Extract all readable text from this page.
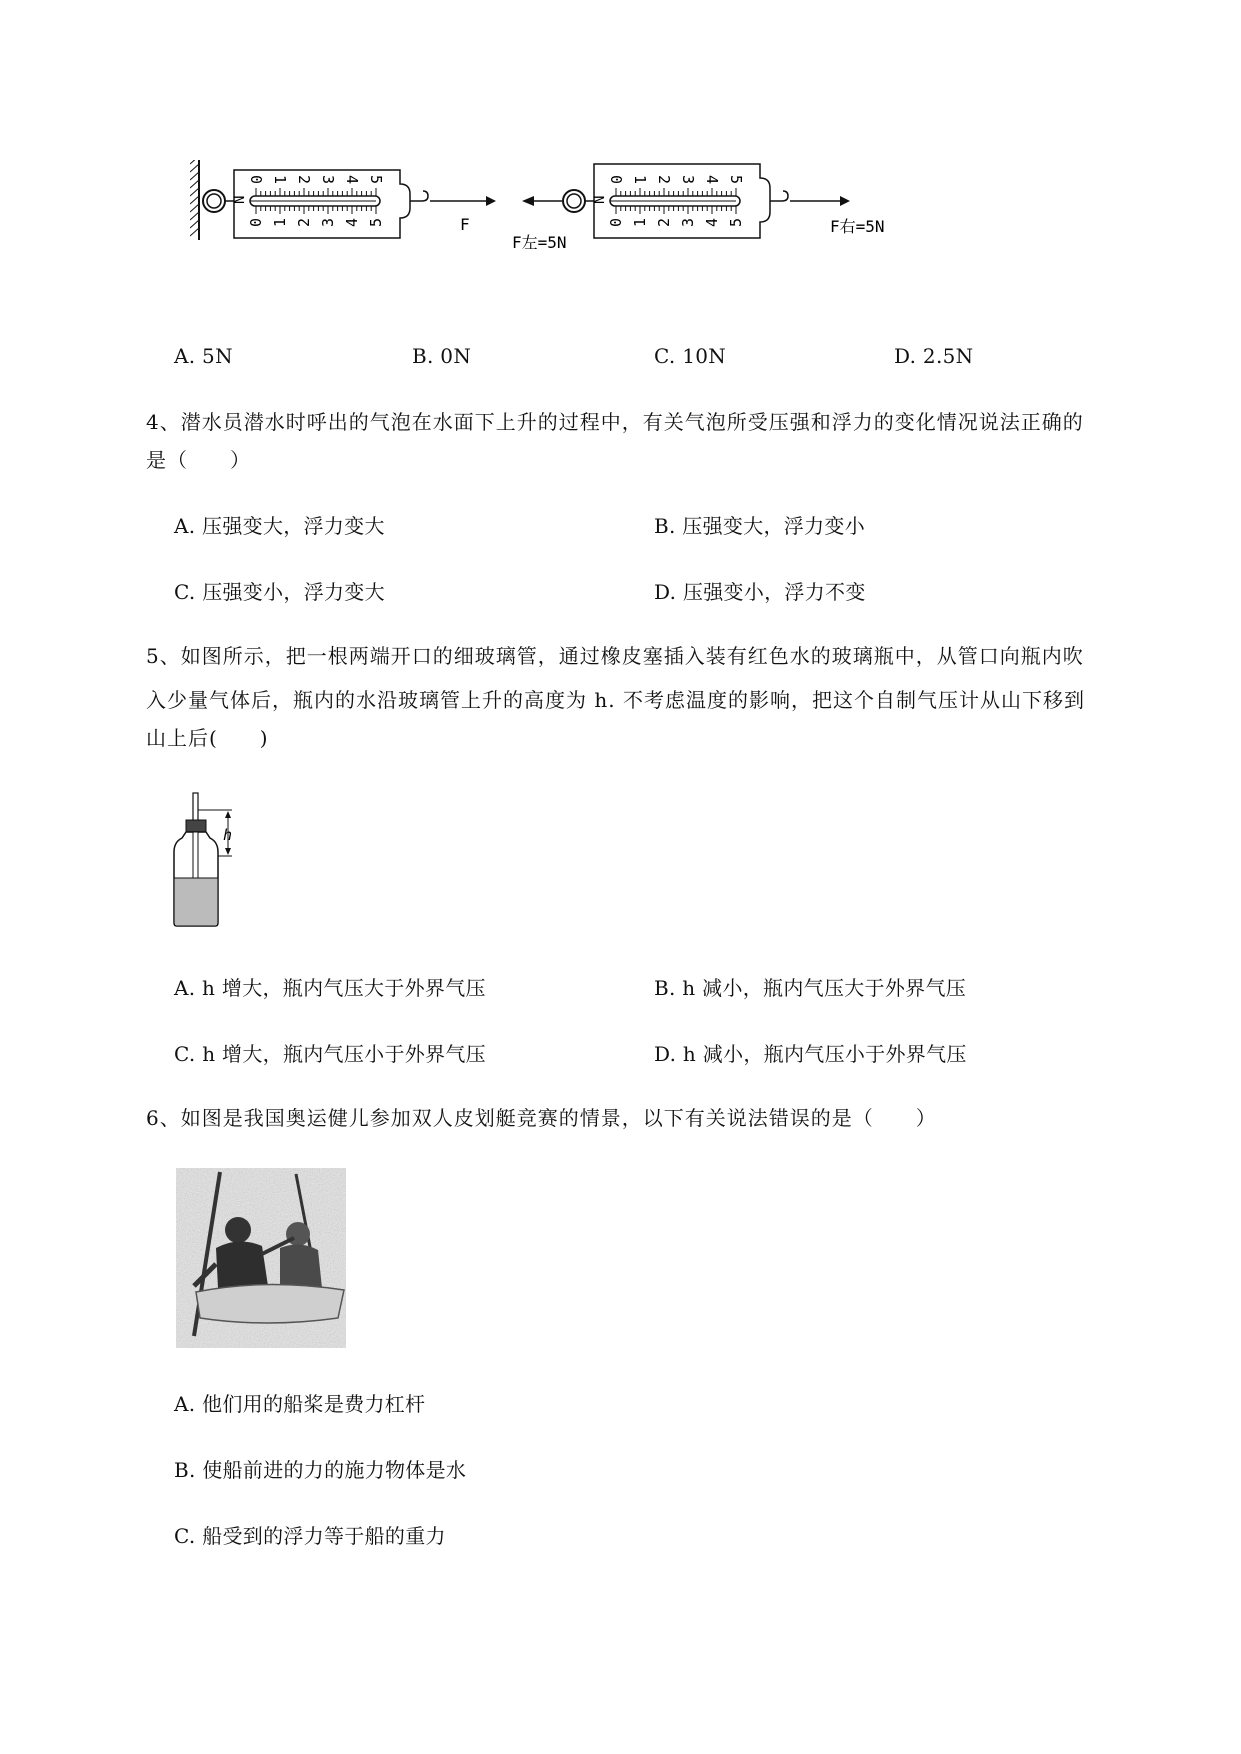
N
F
N
F右=5N
F左=5N
0 1 2 3 4 5
0 1 2 3 4 5
0 1 2 3 4 5
0 1 2 3 4 5
A. 5N	B. 0N	C. 10N	D. 2.5N
4、潜水员潜水时呼出的气泡在水面下上升的过程中，有关气泡所受压强和浮力的变化情况说法正确的
是（　　）
A. 压强变大，浮力变大	B. 压强变大，浮力变小
C. 压强变小，浮力变大	D. 压强变小，浮力不变
5、如图所示，把一根两端开口的细玻璃管，通过橡皮塞插入装有红色水的玻璃瓶中，从管口向瓶内吹
入少量气体后，瓶内的水沿玻璃管上升的高度为 h. 不考虑温度的影响，把这个自制气压计从山下移到
山上后(　　)
h
A. h 增大，瓶内气压大于外界气压	B. h 减小，瓶内气压大于外界气压
C. h 增大，瓶内气压小于外界气压	D. h 减小，瓶内气压小于外界气压
6、如图是我国奥运健儿参加双人皮划艇竞赛的情景，以下有关说法错误的是（　　）
A. 他们用的船桨是费力杠杆
B. 使船前进的力的施力物体是水
C. 船受到的浮力等于船的重力
